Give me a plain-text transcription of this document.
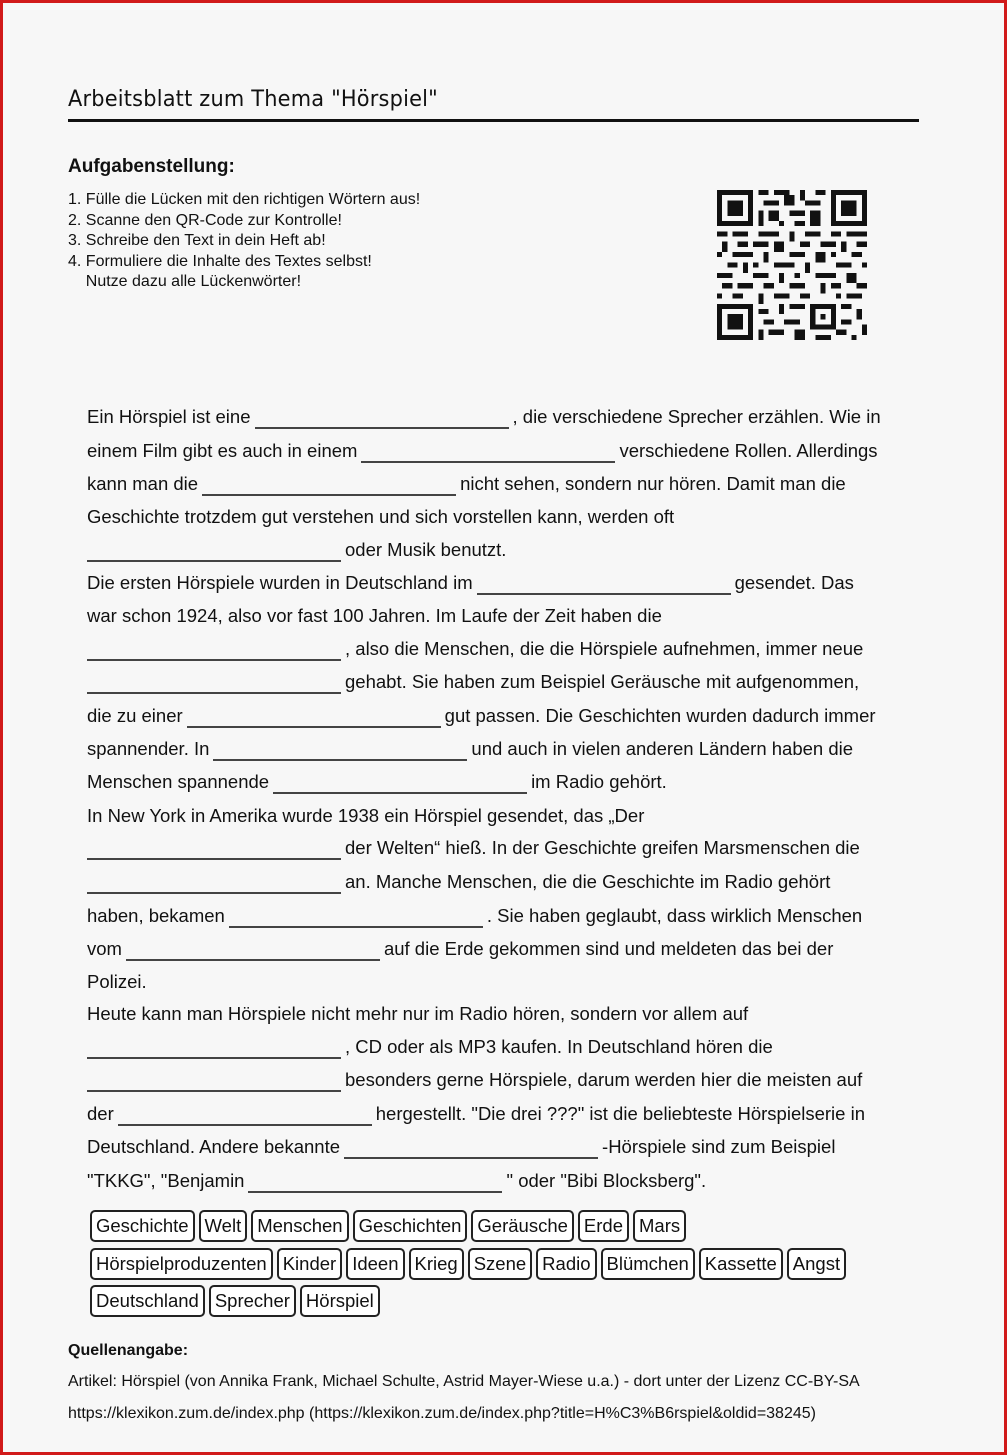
Arbeitsblatt zum Thema "Hörspiel"
Aufgabenstellung:
1. Fülle die Lücken mit den richtigen Wörtern aus!
2. Scanne den QR-Code zur Kontrolle!
3. Schreibe den Text in dein Heft ab!
4. Formuliere die Inhalte des Textes selbst!
Nutze dazu alle Lückenwörter!
Ein Hörspiel ist eine	, die verschiedene Sprecher erzählen. Wie in
einem Film gibt es auch in einem	verschiedene Rollen. Allerdings
kann man die	nicht sehen, sondern nur hören. Damit man die
Geschichte trotzdem gut verstehen und sich vorstellen kann, werden oft
oder Musik benutzt.
Die ersten Hörspiele wurden in Deutschland im	gesendet. Das
war schon 1924, also vor fast 100 Jahren. Im Laufe der Zeit haben die
, also die Menschen, die die Hörspiele aufnehmen, immer neue
gehabt. Sie haben zum Beispiel Geräusche mit aufgenommen,
die zu einer	gut passen. Die Geschichten wurden dadurch immer
spannender. In	und auch in vielen anderen Ländern haben die
Menschen spannende	im Radio gehört.
In New York in Amerika wurde 1938 ein Hörspiel gesendet, das „Der
der Welten“ hieß. In der Geschichte greifen Marsmenschen die
an. Manche Menschen, die die Geschichte im Radio gehört
haben, bekamen	. Sie haben geglaubt, dass wirklich Menschen
vom	auf die Erde gekommen sind und meldeten das bei der
Polizei.
Heute kann man Hörspiele nicht mehr nur im Radio hören, sondern vor allem auf
, CD oder als MP3 kaufen. In Deutschland hören die
besonders gerne Hörspiele, darum werden hier die meisten auf
der	hergestellt. "Die drei ???" ist die beliebteste Hörspielserie in
Deutschland. Andere bekannte	-Hörspiele sind zum Beispiel
"TKKG", "Benjamin	" oder "Bibi Blocksberg".
Geschichte Welt Menschen Geschichten Geräusche Erde Mars
Hörspielproduzenten Kinder Ideen Krieg Szene Radio Blümchen Kassette Angst
Deutschland Sprecher Hörspiel
Quellenangabe:
Artikel: Hörspiel (von Annika Frank, Michael Schulte, Astrid Mayer-Wiese u.a.) - dort unter der Lizenz CC-BY-SA
https://klexikon.zum.de/index.php (https://klexikon.zum.de/index.php?title=H%C3%B6rspiel&oldid=38245)
